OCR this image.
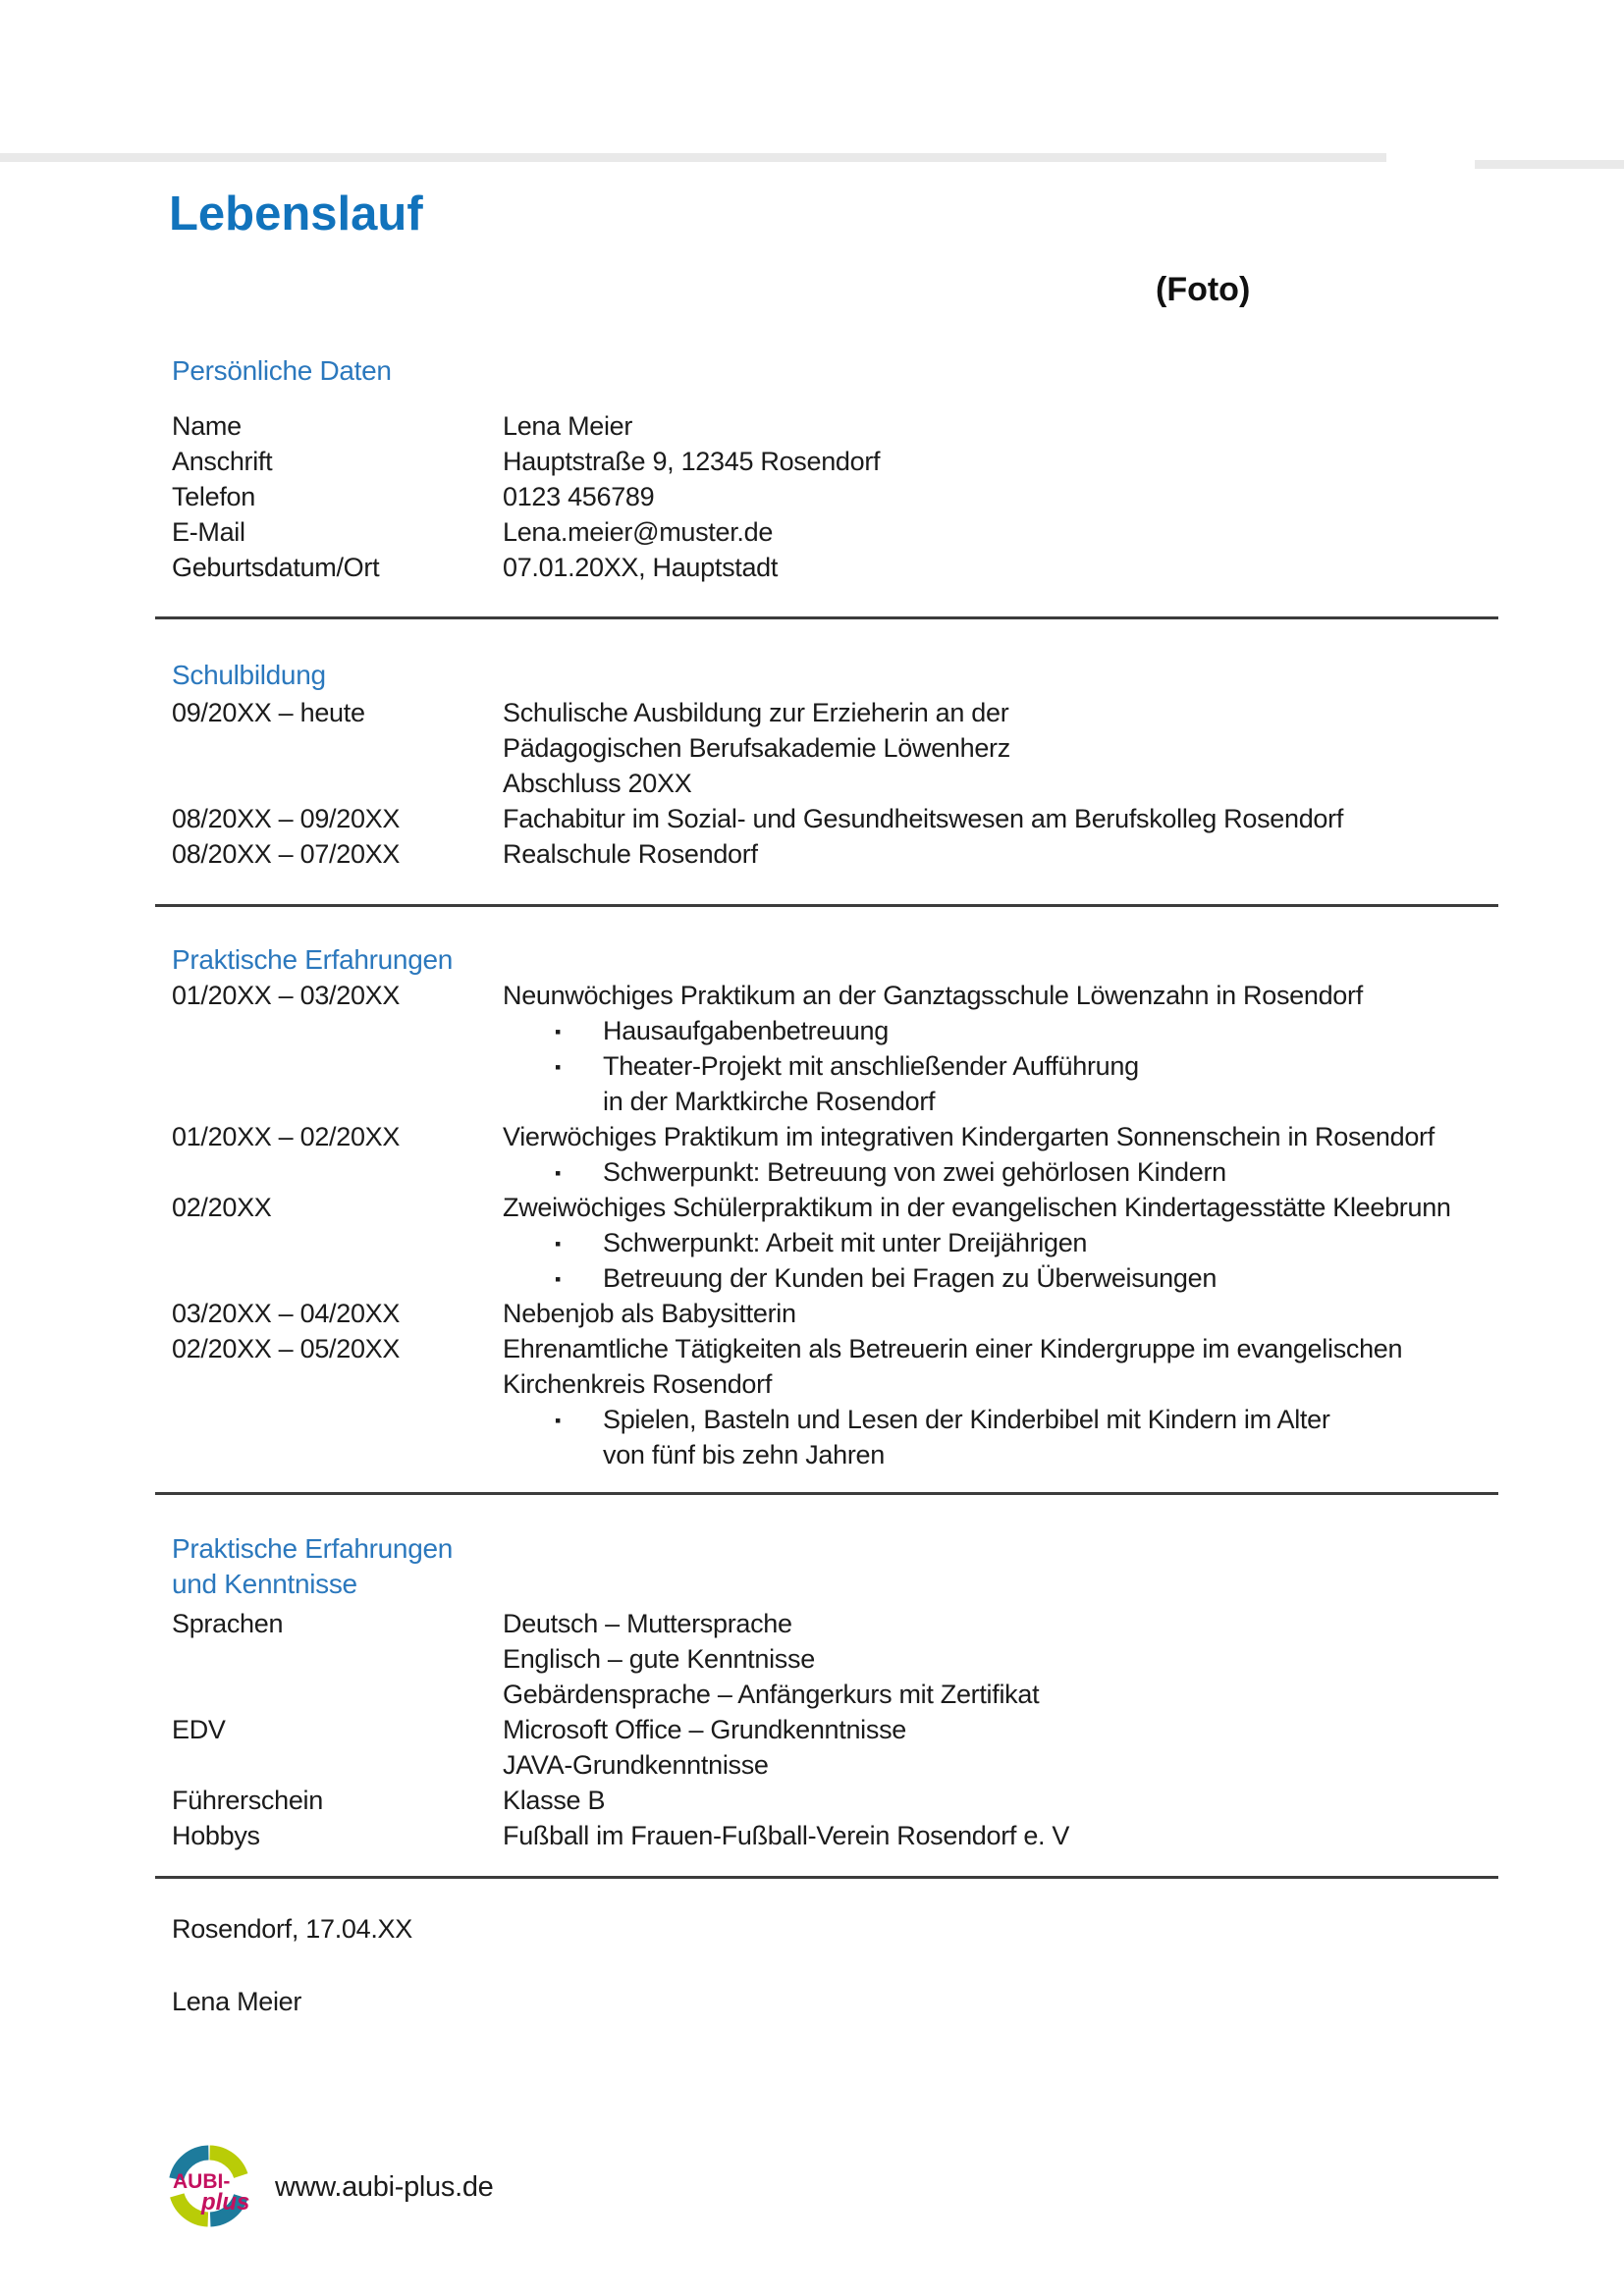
Lebenslauf
(Foto)
Persönliche Daten
Name	Lena Meier
Anschrift	Hauptstraße 9, 12345 Rosendorf
Telefon	0123 456789
E-Mail	Lena.meier@muster.de
Geburtsdatum/Ort	07.01.20XX, Hauptstadt
Schulbildung
09/20XX – heute	Schulische Ausbildung zur Erzieherin an der
Pädagogischen Berufsakademie Löwenherz
Abschluss 20XX
08/20XX – 09/20XX	Fachabitur im Sozial- und Gesundheitswesen am Berufskolleg Rosendorf
08/20XX – 07/20XX	Realschule Rosendorf
Praktische Erfahrungen
01/20XX – 03/20XX	Neunwöchiges Praktikum an der Ganztagsschule Löwenzahn in Rosendorf
▪ Hausaufgabenbetreuung
▪ Theater-Projekt mit anschließender Aufführung
in der Marktkirche Rosendorf
01/20XX – 02/20XX	Vierwöchiges Praktikum im integrativen Kindergarten Sonnenschein in Rosendorf
▪ Schwerpunkt: Betreuung von zwei gehörlosen Kindern
02/20XX	Zweiwöchiges Schülerpraktikum in der evangelischen Kindertagesstätte Kleebrunn
▪ Schwerpunkt: Arbeit mit unter Dreijährigen
▪ Betreuung der Kunden bei Fragen zu Überweisungen
03/20XX – 04/20XX	Nebenjob als Babysitterin
02/20XX – 05/20XX	Ehrenamtliche Tätigkeiten als Betreuerin einer Kindergruppe im evangelischen
Kirchenkreis Rosendorf
▪ Spielen, Basteln und Lesen der Kinderbibel mit Kindern im Alter
von fünf bis zehn Jahren
Praktische Erfahrungen
und Kenntnisse
Sprachen	Deutsch – Muttersprache
Englisch – gute Kenntnisse
Gebärdensprache – Anfängerkurs mit Zertifikat
EDV	Microsoft Office – Grundkenntnisse
JAVA-Grundkenntnisse
Führerschein	Klasse B
Hobbys	Fußball im Frauen-Fußball-Verein Rosendorf e. V
Rosendorf, 17.04.XX
Lena Meier
AUBI-
plus www.aubi-plus.de
